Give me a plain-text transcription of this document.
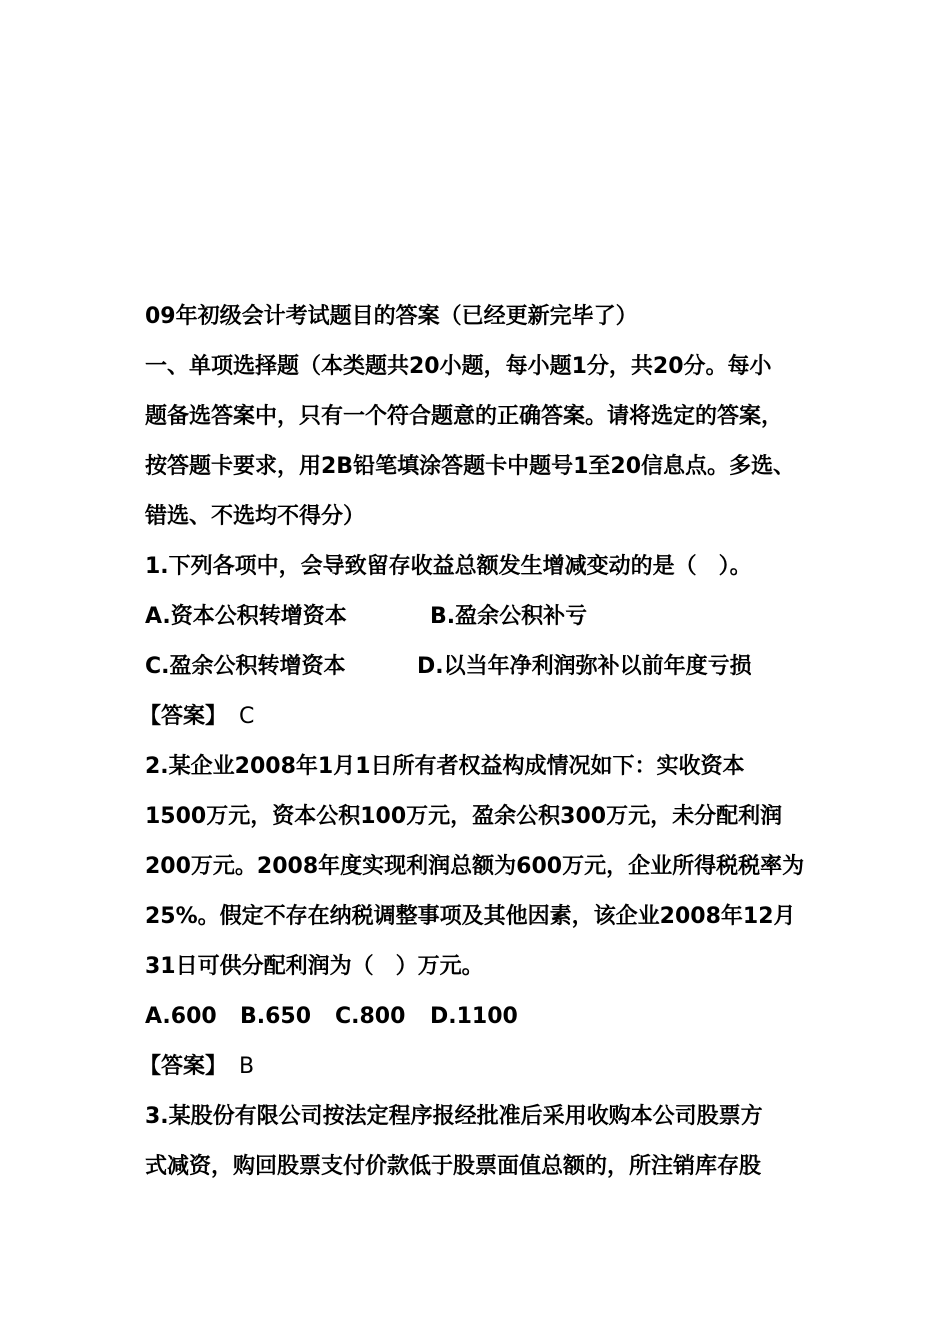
09年初级会计考试题目的答案（已经更新完毕了）
一、单项选择题（本类题共20小题，每小题1分，共20分。每小
题备选答案中，只有一个符合题意的正确答案。请将选定的答案，
按答题卡要求，用2B铅笔填涂答题卡中题号1至20信息点。多选、
错选、不选均不得分）
1.下列各项中，会导致留存收益总额发生增减变动的是（　）。
A.资本公积转增资本	B.盈余公积补亏
C.盈余公积转增资本	D.以当年净利润弥补以前年度亏损
【答案】 C
2.某企业2008年1月1日所有者权益构成情况如下：实收资本
1500万元，资本公积100万元，盈余公积300万元，未分配利润
200万元。2008年度实现利润总额为600万元，企业所得税税率为
25%。假定不存在纳税调整事项及其他因素，该企业2008年12月
31日可供分配利润为（　）万元。
A.600	B.650	C.800	D.1100
【答案】 B
3.某股份有限公司按法定程序报经批准后采用收购本公司股票方
式减资，购回股票支付价款低于股票面值总额的，所注销库存股
